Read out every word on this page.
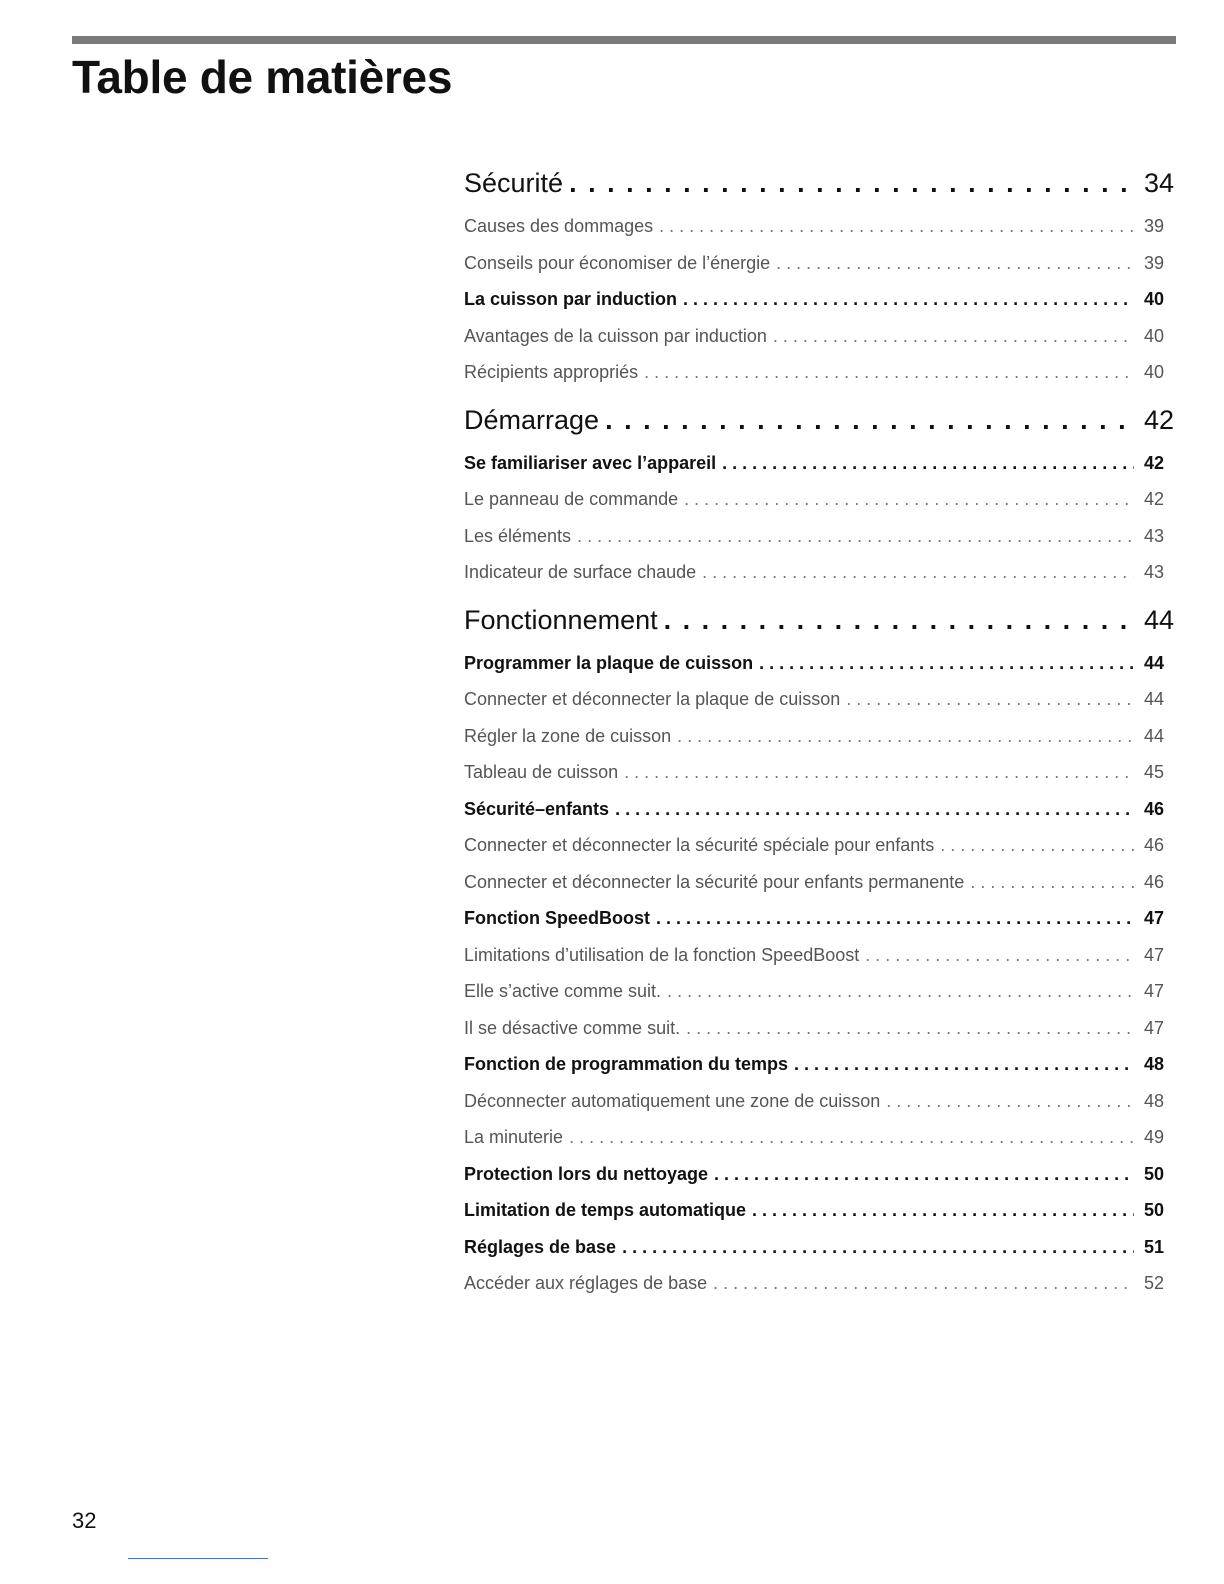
Table de matières
Sécurité . . .	34
Causes des dommages . . .	39
Conseils pour économiser de l’énergie . . .	39
La cuisson par induction . . .	40
Avantages de la cuisson par induction . . .	40
Récipients appropriés . . .	40
Démarrage . . .	42
Se familiariser avec l’appareil . . .	42
Le panneau de commande . . .	42
Les éléments . . .	43
Indicateur de surface chaude . . .	43
Fonctionnement . . .	44
Programmer la plaque de cuisson . . .	44
Connecter et déconnecter la plaque de cuisson . . .	44
Régler la zone de cuisson . . .	44
Tableau de cuisson . . .	45
Sécurité–enfants . . .	46
Connecter et déconnecter la sécurité spéciale pour enfants . . .	46
Connecter et déconnecter la sécurité pour enfants permanente . . .	46
Fonction SpeedBoost . . .	47
Limitations d’utilisation de la fonction SpeedBoost . . .	47
Elle s’active comme suit. . . .	47
Il se désactive comme suit. . . .	47
Fonction de programmation du temps . . .	48
Déconnecter automatiquement une zone de cuisson . . .	48
La minuterie . . .	49
Protection lors du nettoyage . . .	50
Limitation de temps automatique . . .	50
Réglages de base . . .	51
Accéder aux réglages de base . . .	52
32
